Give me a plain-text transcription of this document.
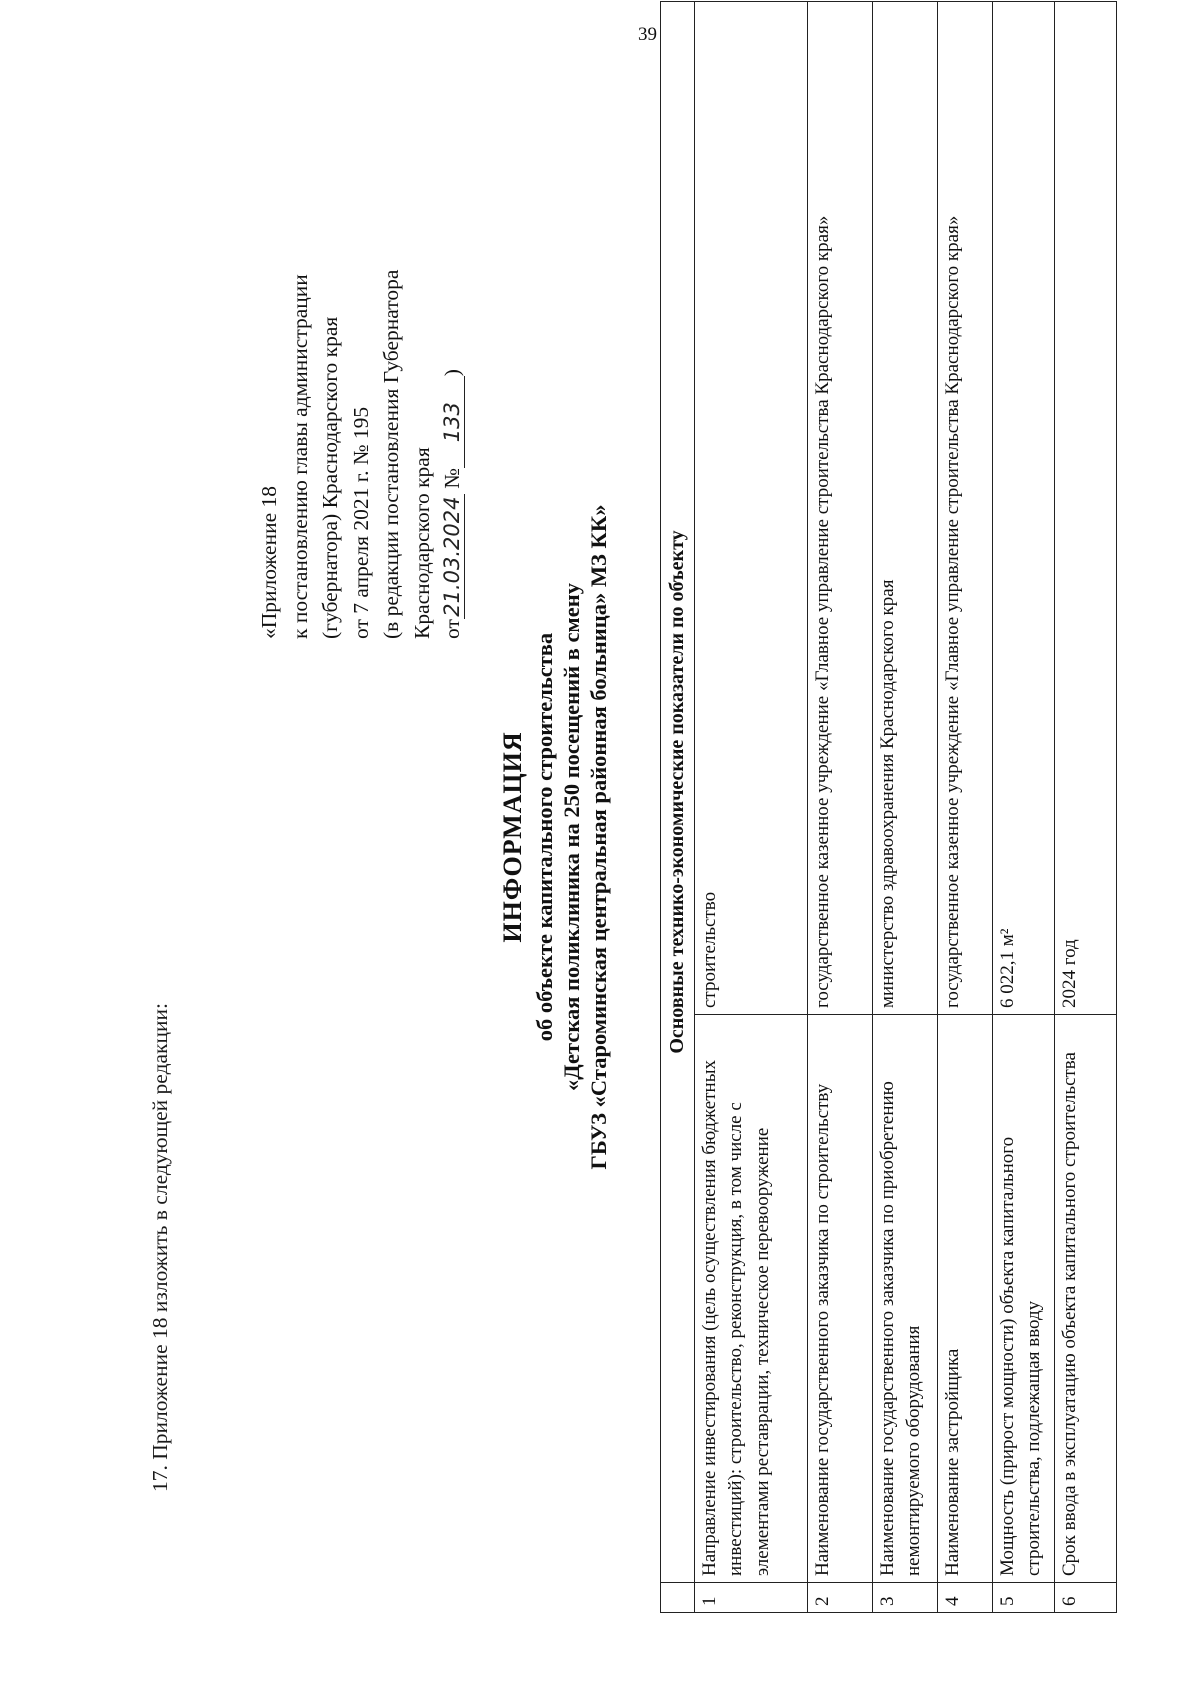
39
17. Приложение 18 изложить в следующей редакции:
«Приложение 18 к постановлению главы администрации (губернатора) Краснодарского края от 7 апреля 2021 г. № 195 (в редакции постановления Губернатора Краснодарского края от21.03.2024 №133)
ИНФОРМАЦИЯ об объекте капитального строительства «Детская поликлиника на 250 посещений в смену ГБУЗ «Староминская центральная районная больница» МЗ КК»
		Основные технико-экономические показатели по объекту	
1	Направление инвестирования (цель осуществления бюджетных инвестиций): строительство, реконструкция, в том числе с элементами реставрации, техническое перевооружение	строительство
2	Наименование государственного заказчика по строительству	государственное казенное учреждение «Главное управление строительства Краснодарского края»
3	Наименование государственного заказчика по приобретению немонтируемого оборудования	министерство здравоохранения Краснодарского края
4	Наименование застройщика	государственное казенное учреждение «Главное управление строительства Краснодарского края»
5	Мощность (прирост мощности) объекта капитального строительства, подлежащая вводу	6 022,1 м²
6	Срок ввода в эксплуатацию объекта капитального строительства	2024 год
